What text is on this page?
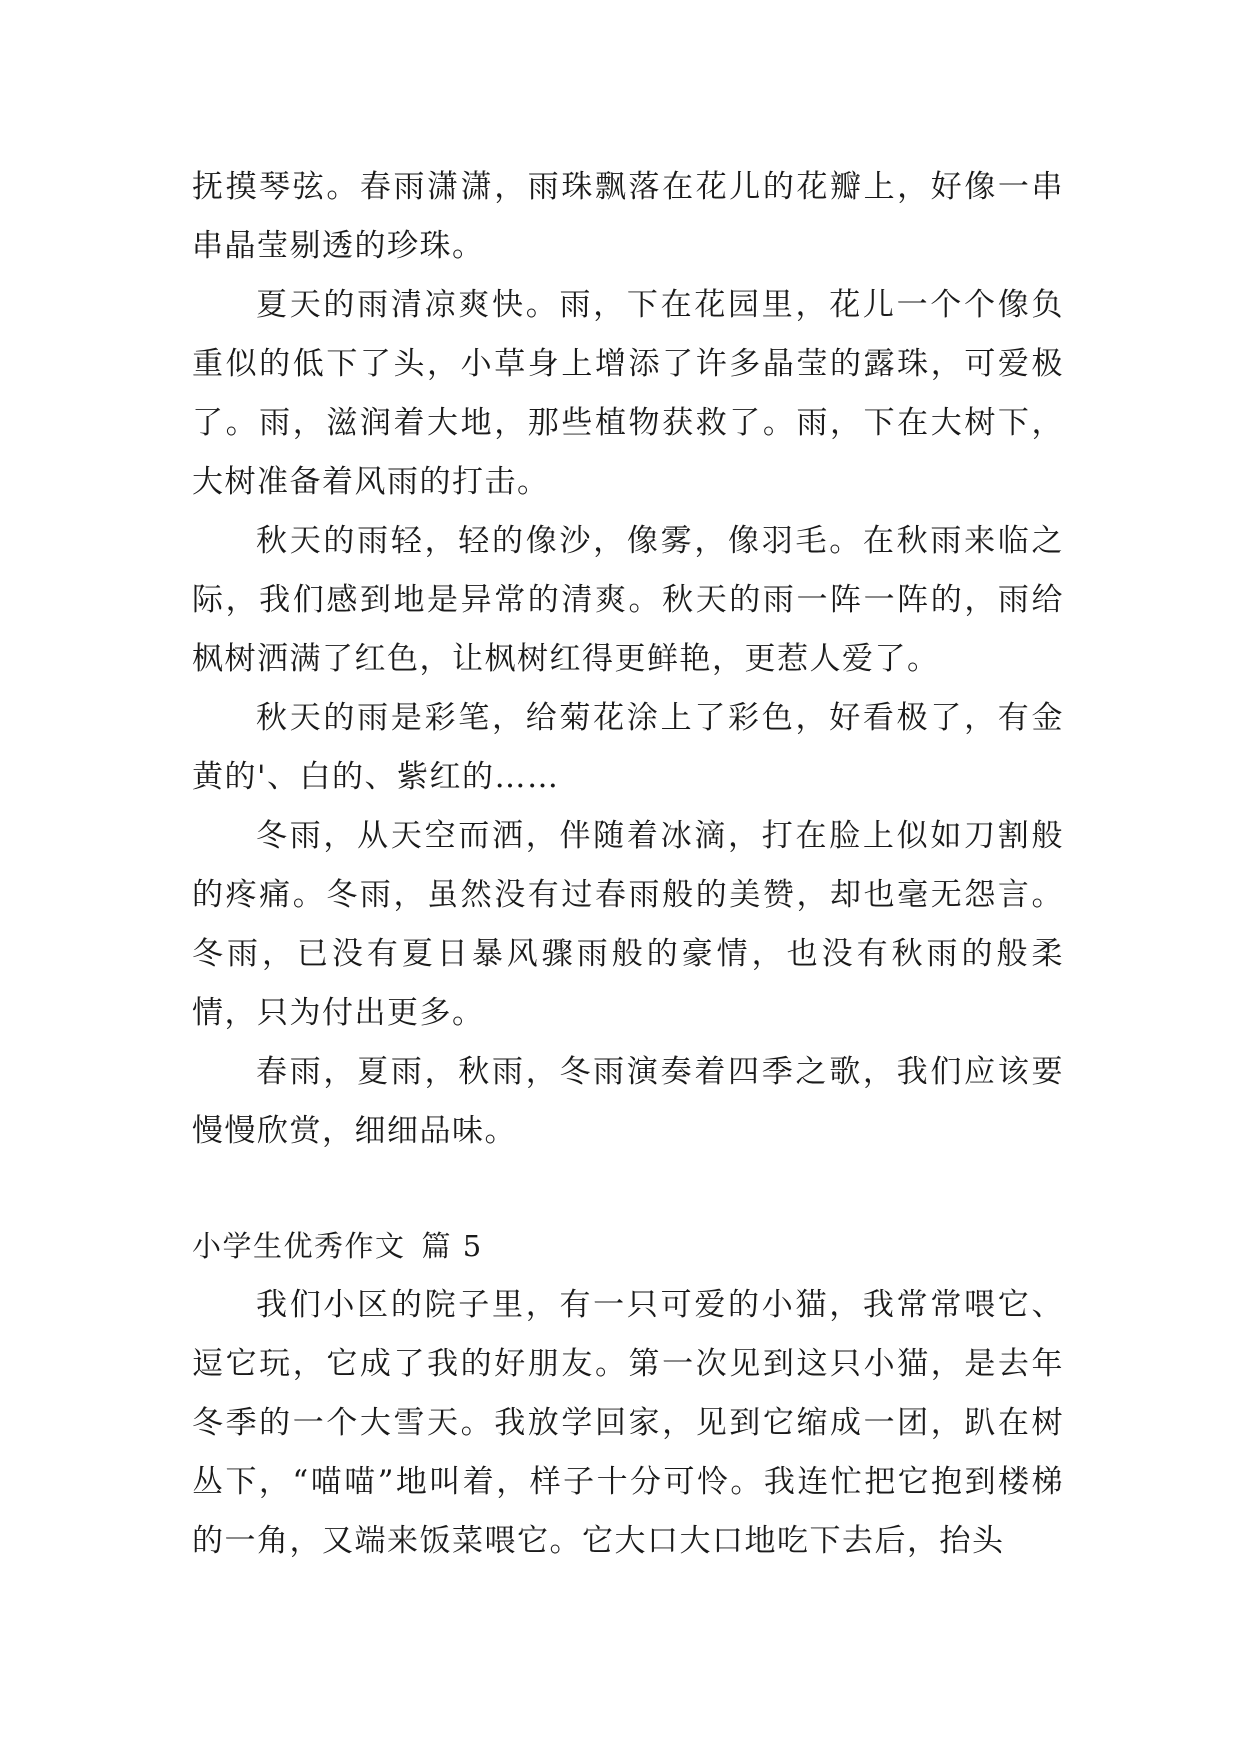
抚摸琴弦。春雨潇潇，雨珠飘落在花儿的花瓣上，好像一串串晶莹剔透的珍珠。

夏天的雨清凉爽快。雨，下在花园里，花儿一个个像负重似的低下了头，小草身上增添了许多晶莹的露珠，可爱极了。雨，滋润着大地，那些植物获救了。雨，下在大树下，大树准备着风雨的打击。

秋天的雨轻，轻的像沙，像雾，像羽毛。在秋雨来临之际，我们感到地是异常的清爽。秋天的雨一阵一阵的，雨给枫树洒满了红色，让枫树红得更鲜艳，更惹人爱了。

秋天的雨是彩笔，给菊花涂上了彩色，好看极了，有金黄的'、白的、紫红的……

冬雨，从天空而洒，伴随着冰滴，打在脸上似如刀割般的疼痛。冬雨，虽然没有过春雨般的美赞，却也毫无怨言。冬雨，已没有夏日暴风骤雨般的豪情，也没有秋雨的般柔情，只为付出更多。

春雨，夏雨，秋雨，冬雨演奏着四季之歌，我们应该要慢慢欣赏，细细品味。

小学生优秀作文 篇 5

我们小区的院子里，有一只可爱的小猫，我常常喂它、逗它玩，它成了我的好朋友。第一次见到这只小猫，是去年冬季的一个大雪天。我放学回家，见到它缩成一团，趴在树丛下，“喵喵”地叫着，样子十分可怜。我连忙把它抱到楼梯的一角，又端来饭菜喂它。它大口大口地吃下去后，抬头
